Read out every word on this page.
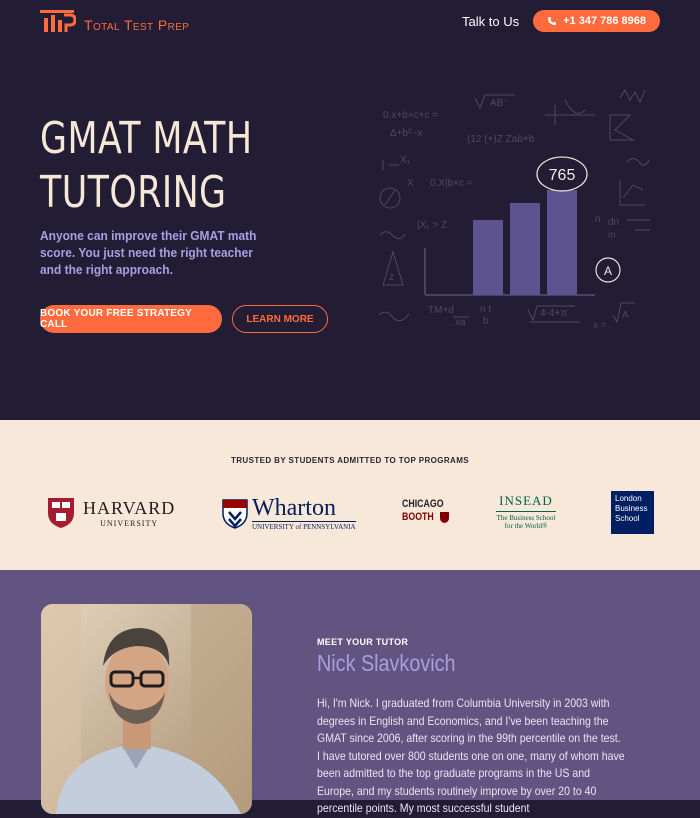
Total Test Prep	Talk to Us	+1 347 786 8968
GMAT MATH
TUTORING

Anyone can improve their GMAT math score. You just need the right teacher and the right approach.

BOOK YOUR FREE STRATEGY CALL	LEARN MORE
0.x+b×c+c =
Δ+b² -x
(12 (+)Z Zab+b
AB⁻
X₁
X 0.X|b×c =
|X₁ > Z
z
TM+d
xa
n t
b
4-4+π
x =
A
n dn
in
765
A
TRUSTED BY STUDENTS ADMITTED TO TOP PROGRAMS
HARVARD
UNIVERSITY
Wharton
UNIVERSITY of PENNSYLVANIA
CHICAGO
BOOTH
INSEAD
The Business School
for the World®
London
Business
School
MEET YOUR TUTOR
Nick Slavkovich

Hi, I'm Nick. I graduated from Columbia University in 2003 with degrees in English and Economics, and I've been teaching the GMAT since 2006, after scoring in the 99th percentile on the test. I have tutored over 800 students one on one, many of whom have been admitted to the top graduate programs in the US and Europe, and my students routinely improve by over 20 to 40 percentile points. My most successful student
